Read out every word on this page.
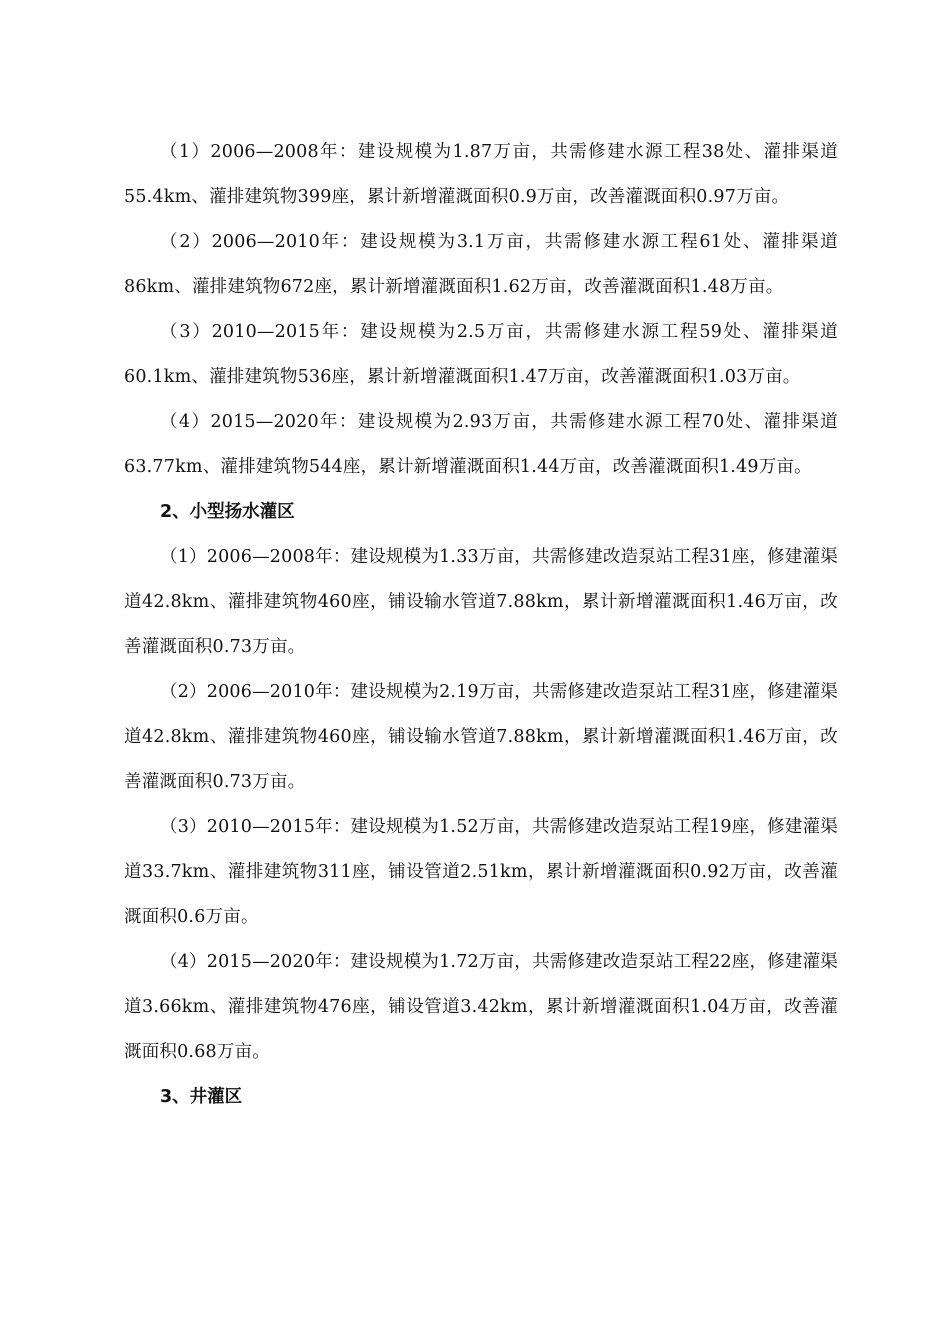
（1）2006—2008年：建设规模为1.87万亩，共需修建水源工程38处、灌排渠道55.4km、灌排建筑物399座，累计新增灌溉面积0.9万亩，改善灌溉面积0.97万亩。

（2）2006—2010年：建设规模为3.1万亩，共需修建水源工程61处、灌排渠道86km、灌排建筑物672座，累计新增灌溉面积1.62万亩，改善灌溉面积1.48万亩。

（3）2010—2015年：建设规模为2.5万亩，共需修建水源工程59处、灌排渠道60.1km、灌排建筑物536座，累计新增灌溉面积1.47万亩，改善灌溉面积1.03万亩。

（4）2015—2020年：建设规模为2.93万亩，共需修建水源工程70处、灌排渠道63.77km、灌排建筑物544座，累计新增灌溉面积1.44万亩，改善灌溉面积1.49万亩。

2、小型扬水灌区

（1）2006—2008年：建设规模为1.33万亩，共需修建改造泵站工程31座，修建灌渠道42.8km、灌排建筑物460座，铺设输水管道7.88km，累计新增灌溉面积1.46万亩，改善灌溉面积0.73万亩。

（2）2006—2010年：建设规模为2.19万亩，共需修建改造泵站工程31座，修建灌渠道42.8km、灌排建筑物460座，铺设输水管道7.88km，累计新增灌溉面积1.46万亩，改善灌溉面积0.73万亩。

（3）2010—2015年：建设规模为1.52万亩，共需修建改造泵站工程19座，修建灌渠道33.7km、灌排建筑物311座，铺设管道2.51km，累计新增灌溉面积0.92万亩，改善灌溉面积0.6万亩。

（4）2015—2020年：建设规模为1.72万亩，共需修建改造泵站工程22座，修建灌渠道3.66km、灌排建筑物476座，铺设管道3.42km，累计新增灌溉面积1.04万亩，改善灌溉面积0.68万亩。

3、井灌区
